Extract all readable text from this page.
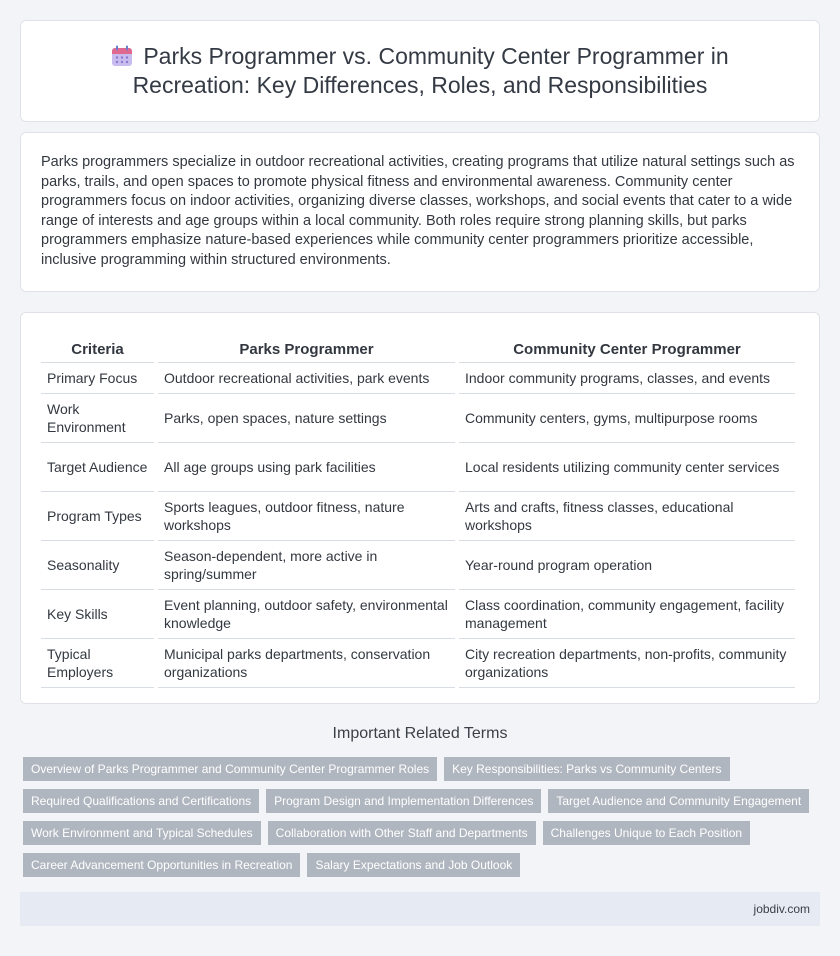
Parks Programmer vs. Community Center Programmer in Recreation: Key Differences, Roles, and Responsibilities

Parks programmers specialize in outdoor recreational activities, creating programs that utilize natural settings such as parks, trails, and open spaces to promote physical fitness and environmental awareness. Community center programmers focus on indoor activities, organizing diverse classes, workshops, and social events that cater to a wide range of interests and age groups within a local community. Both roles require strong planning skills, but parks programmers emphasize nature-based experiences while community center programmers prioritize accessible, inclusive programming within structured environments.

Criteria	Parks Programmer	Community Center Programmer
Primary Focus	Outdoor recreational activities, park events	Indoor community programs, classes, and events
Work Environment	Parks, open spaces, nature settings	Community centers, gyms, multipurpose rooms
Target Audience	All age groups using park facilities	Local residents utilizing community center services
Program Types	Sports leagues, outdoor fitness, nature workshops	Arts and crafts, fitness classes, educational workshops
Seasonality	Season-dependent, more active in spring/summer	Year-round program operation
Key Skills	Event planning, outdoor safety, environmental knowledge	Class coordination, community engagement, facility management
Typical Employers	Municipal parks departments, conservation organizations	City recreation departments, non-profits, community organizations
Important Related Terms
Overview of Parks Programmer and Community Center Programmer Roles	Key Responsibilities: Parks vs Community Centers
Required Qualifications and Certifications	Program Design and Implementation Differences	Target Audience and Community Engagement
Work Environment and Typical Schedules	Collaboration with Other Staff and Departments	Challenges Unique to Each Position
Career Advancement Opportunities in Recreation	Salary Expectations and Job Outlook
jobdiv.com
